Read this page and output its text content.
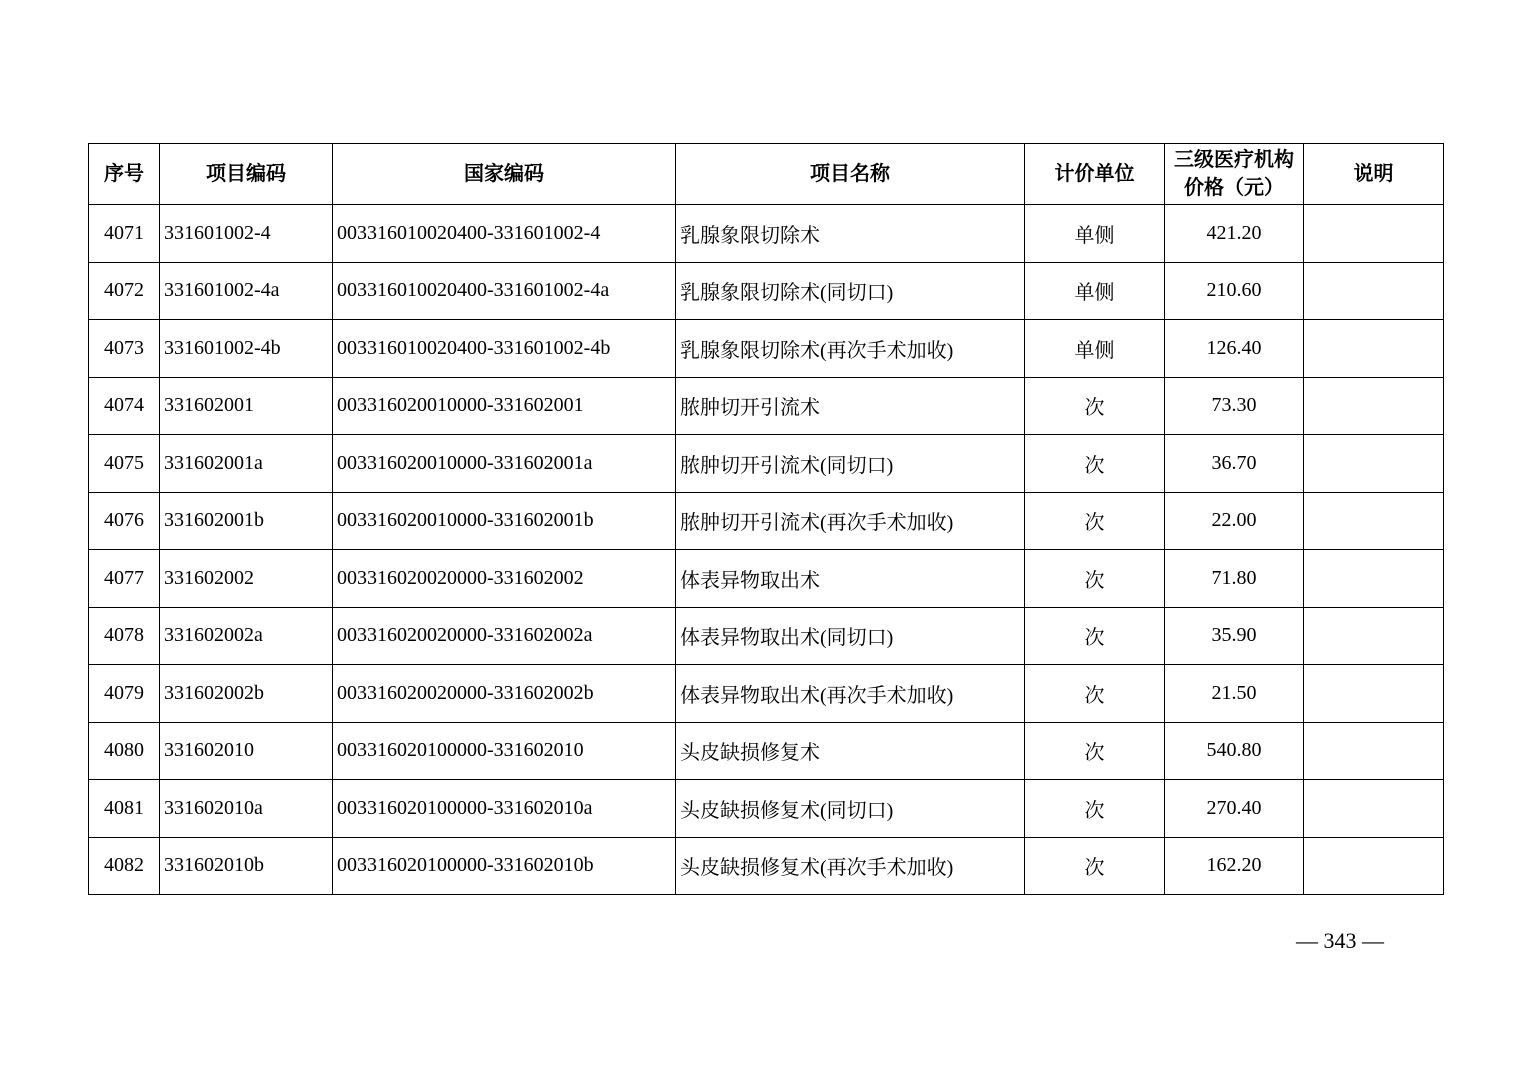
序号	项目编码	国家编码	项目名称	计价单位	三级医疗机构 价格（元）	说明
4071	331601002-4	003316010020400-331601002-4	乳腺象限切除术	单侧	421.20	
4072	331601002-4a	003316010020400-331601002-4a	乳腺象限切除术(同切口)	单侧	210.60	
4073	331601002-4b	003316010020400-331601002-4b	乳腺象限切除术(再次手术加收)	单侧	126.40	
4074	331602001	003316020010000-331602001	脓肿切开引流术	次	73.30	
4075	331602001a	003316020010000-331602001a	脓肿切开引流术(同切口)	次	36.70	
4076	331602001b	003316020010000-331602001b	脓肿切开引流术(再次手术加收)	次	22.00	
4077	331602002	003316020020000-331602002	体表异物取出术	次	71.80	
4078	331602002a	003316020020000-331602002a	体表异物取出术(同切口)	次	35.90	
4079	331602002b	003316020020000-331602002b	体表异物取出术(再次手术加收)	次	21.50	
4080	331602010	003316020100000-331602010	头皮缺损修复术	次	540.80	
4081	331602010a	003316020100000-331602010a	头皮缺损修复术(同切口)	次	270.40	
4082	331602010b	003316020100000-331602010b	头皮缺损修复术(再次手术加收)	次	162.20	
— 343 —
